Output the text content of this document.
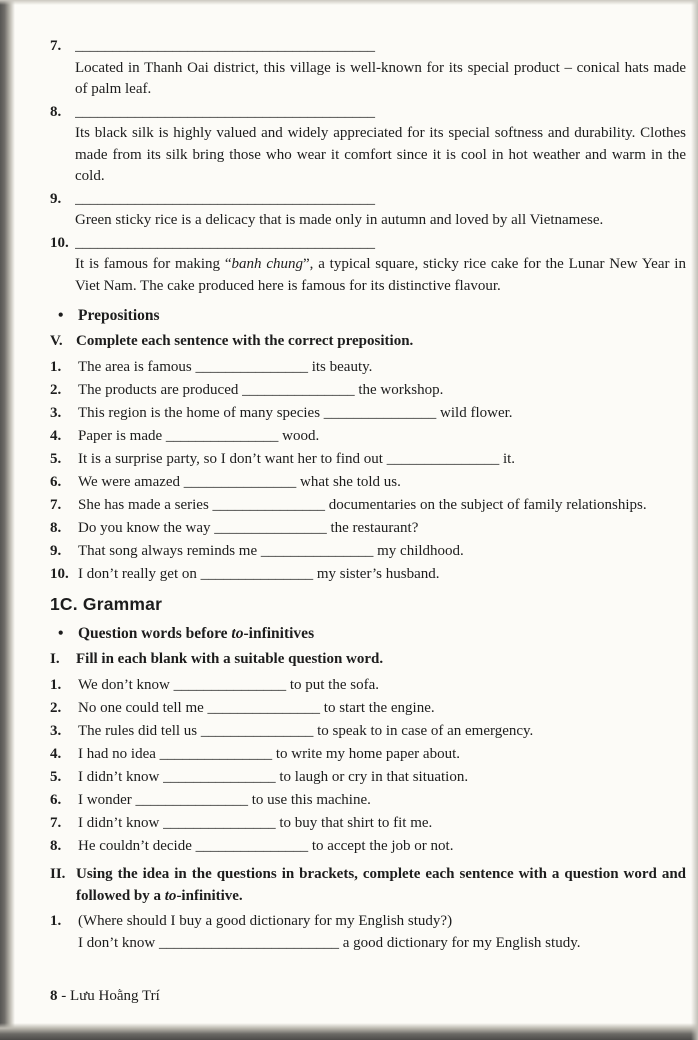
7. ________________________________________

Located in Thanh Oai district, this village is well-known for its special product – conical hats made of palm leaf.

8. ________________________________________

Its black silk is highly valued and widely appreciated for its special softness and durability. Clothes made from its silk bring those who wear it comfort since it is cool in hot weather and warm in the cold.

9. ________________________________________

Green sticky rice is a delicacy that is made only in autumn and loved by all Vietnamese.

10. ________________________________________

It is famous for making “banh chung”, a typical square, sticky rice cake for the Lunar New Year in Viet Nam. The cake produced here is famous for its distinctive flavour.

• Prepositions
V. Complete each sentence with the correct preposition.
1.	The area is famous _______________ its beauty.
2.	The products are produced _______________ the workshop.
3.	This region is the home of many species _______________ wild flower.
4.	Paper is made _______________ wood.
5.	It is a surprise party, so I don’t want her to find out _______________ it.
6.	We were amazed _______________ what she told us.
7.	She has made a series _______________ documentaries on the subject of family relationships.
8.	Do you know the way _______________ the restaurant?
9.	That song always reminds me _______________ my childhood.
10. I don’t really get on _______________ my sister’s husband.
1C. Grammar
• Question words before to-infinitives
I.	Fill in each blank with a suitable question word.
1.	We don’t know _______________ to put the sofa.
2.	No one could tell me _______________ to start the engine.
3.	The rules did tell us _______________ to speak to in case of an emergency.
4.	I had no idea _______________ to write my home paper about.
5.	I didn’t know _______________ to laugh or cry in that situation.
6.	I wonder _______________ to use this machine.
7.	I didn’t know _______________ to buy that shirt to fit me.
8.	He couldn’t decide _______________ to accept the job or not.
II. Using the idea in the questions in brackets, complete each sentence with a question word and followed by a to-infinitive.
1.	(Where should I buy a good dictionary for my English study?)
I don’t know ________________________ a good dictionary for my English study.
8 - Lưu Hoằng Trí
